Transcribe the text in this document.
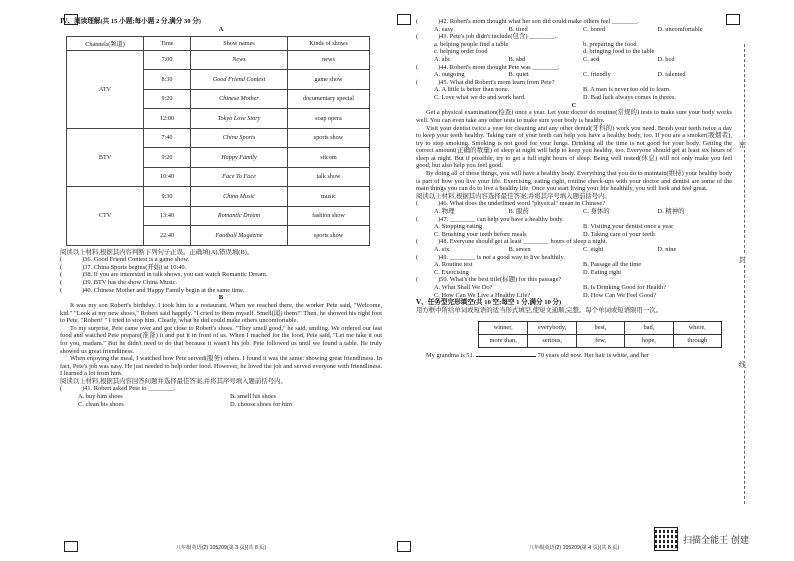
密
封
线
Ⅳ、阅读理解(共 15 小题;每小题 2 分,满分 30 分)
A
Channels(频道)	Time	Show names	Kinds of shows
ATV	7:00	News	news
	8:30	Good Friend Contest	game show
	9:20	Chinese Mother	documentary special
	12:00	Tokyo Love Story	soap opera
BTV	7:40	China Sports	sports show
	9:20	Happy Family	sitcom
	10:40	Face To Face	talk show
CTV	9:30	China Music	music
	13:40	Romantic Dream	fashion show
	22:40	Football Magazine	sports show
阅读以上材料,根据其内容判断下列句子正误。正确填(A),错误填(B)。
(	)36.
Good Friend Contest is a game show.
(	)37.
China Sports begins(开始) at 10:40.
(	)38.
If you are interested in talk shows, you can watch Romantic Dream.
(	)39.
BTV has the show China Music.
(	)40.
Chinese Mother and Happy Family begin at the same time.
B
It was my son Robert's birthday. I took him to a restaurant. When we reached there, the worker Pete said, "Welcome, kid." "Look at my new shoes," Robert said happily. "I cried to them myself. Smell(闻) them!" Then, he showed his right foot to Pete. "Robert! " I tried to stop him. Clearly, what he did could make others uncomfortable.
To my surprise, Pete came over and got close to Robert's shoes. "They smell good," he said, smiling. We ordered our fast food and watched Pete prepare(准备) it and put it in front of us. When I reached for the food, Pete said, "Let me take it out for you, madam." But he didn't need to do that because it wasn't his job. Pete followed us until we found a table. He truly showed us great friendliness.
When enjoying the meal, I watched how Pete served(服务) others. I found it was the same: showing great friendliness. In fact, Pete's job was easy. He just needed to help order food. However, he loved the job and served everyone with friendliness. I learned a lot from him.
阅读以上材料,根据其内容回答问题并选择最佳答案,并将其序号填入题前括号内。
(	)41.
Robert asked Pete to ________.
A. buy him shoes	B. smell his shoes
C. clean his shoes	D. choose shoes for him
八年级英语(2) 105209(第 3 页)(共 8 页)
(	)42.
Robert's mom thought what her son did could make others feel ________.
A. easy	B. tired	C. bored	D. uncomfortable
(	)43.
Pete's job didn't include(包含) ________.
a. helping people find a table	b. preparing the food
c. helping order food	d. bringing food to the table
A. abc	B. abd	C. acd	D. bcd
(	)44.
Robert's mom thought Pete was ________.
A. outgoing	B. quiet	C. friendly	D. talented
(	)45.
What did Robert's mom learn from Pete?
A. A little is better than none.	B. A man is never too old to learn.
C. Love what we do and work hard.	D. Bad luck always comes in threes.
C
Get a physical examination(检查) once a year. Let your doctor do routine(常规的) tests to make sure your body works well. You can even take any other tests to make sure your body is healthy.
Visit your dentist twice a year for cleaning and any other dental(牙科的) work you need. Brush your teeth twice a day to keep your teeth healthy. Taking care of your teeth can help you have a healthy body, too. If you are a smoker(吸烟者), try to stop smoking. Smoking is not good for your lungs. Drinking all the time is not good for your body. Getting the correct amount(正确的数量) of sleep at night will help to keep you healthy, too. Everyone should get at least six hours of sleep at night. But if possible, try to get a full eight hours of sleep. Being well rested(休息) will not only make you feel good, but also help you feel good.
By doing all of these things, you will have a healthy body. Everything that you do to maintain(维持) your healthy body is part of how you live your life. Exercising, eating right, routine check-ups with your doctor and dentist are some of the main things you can do to live a healthy life. Once you start living your life healthily, you will look and feel great.
阅读以上材料,根据其内容选择最佳答案,并将其序号填入题前括号内。
(	)46.
What does the underlined word "physical" mean in Chinese?
A. 物理	B. 服药	C. 身体的	D. 精神的
(	)47.
________ can help you have a healthy body.
A. Stopping eating	B. Visiting your dentist once a year
C. Brushing your teeth before meals	D. Taking care of your teeth
(	)48.
Everyone should get at least ________ hours of sleep a night.
A. six	B. seven	C. eight	D. nine
(	)49.
________ is not a good way to live healthily.
A. Routine test	B. Passage all the time
C. Exercising	D. Eating right
(	)50.
What's the best title(标题) for this passage?
A. What Shall We Do?	B. Is Drinking Good for Health?
C. How Can We Live a Healthy Life?	D. How Can We Feel Good?
Ⅴ、任务型完形填空(共 10 空;每空 1 分,满分 10 分)
用方框中所给单词或短语的适当形式填空,使短文通顺,完整。每个单词或短语限用一次。
winner,	everybody,	best,	bad,	where,
more than,	serious,	few,	hope,	through
My grandma is 51.	70 years old now. Her hair is white, and her
八年级英语(2) 105209(第 4 页)(共 8 页)
扫描全能王 创建
